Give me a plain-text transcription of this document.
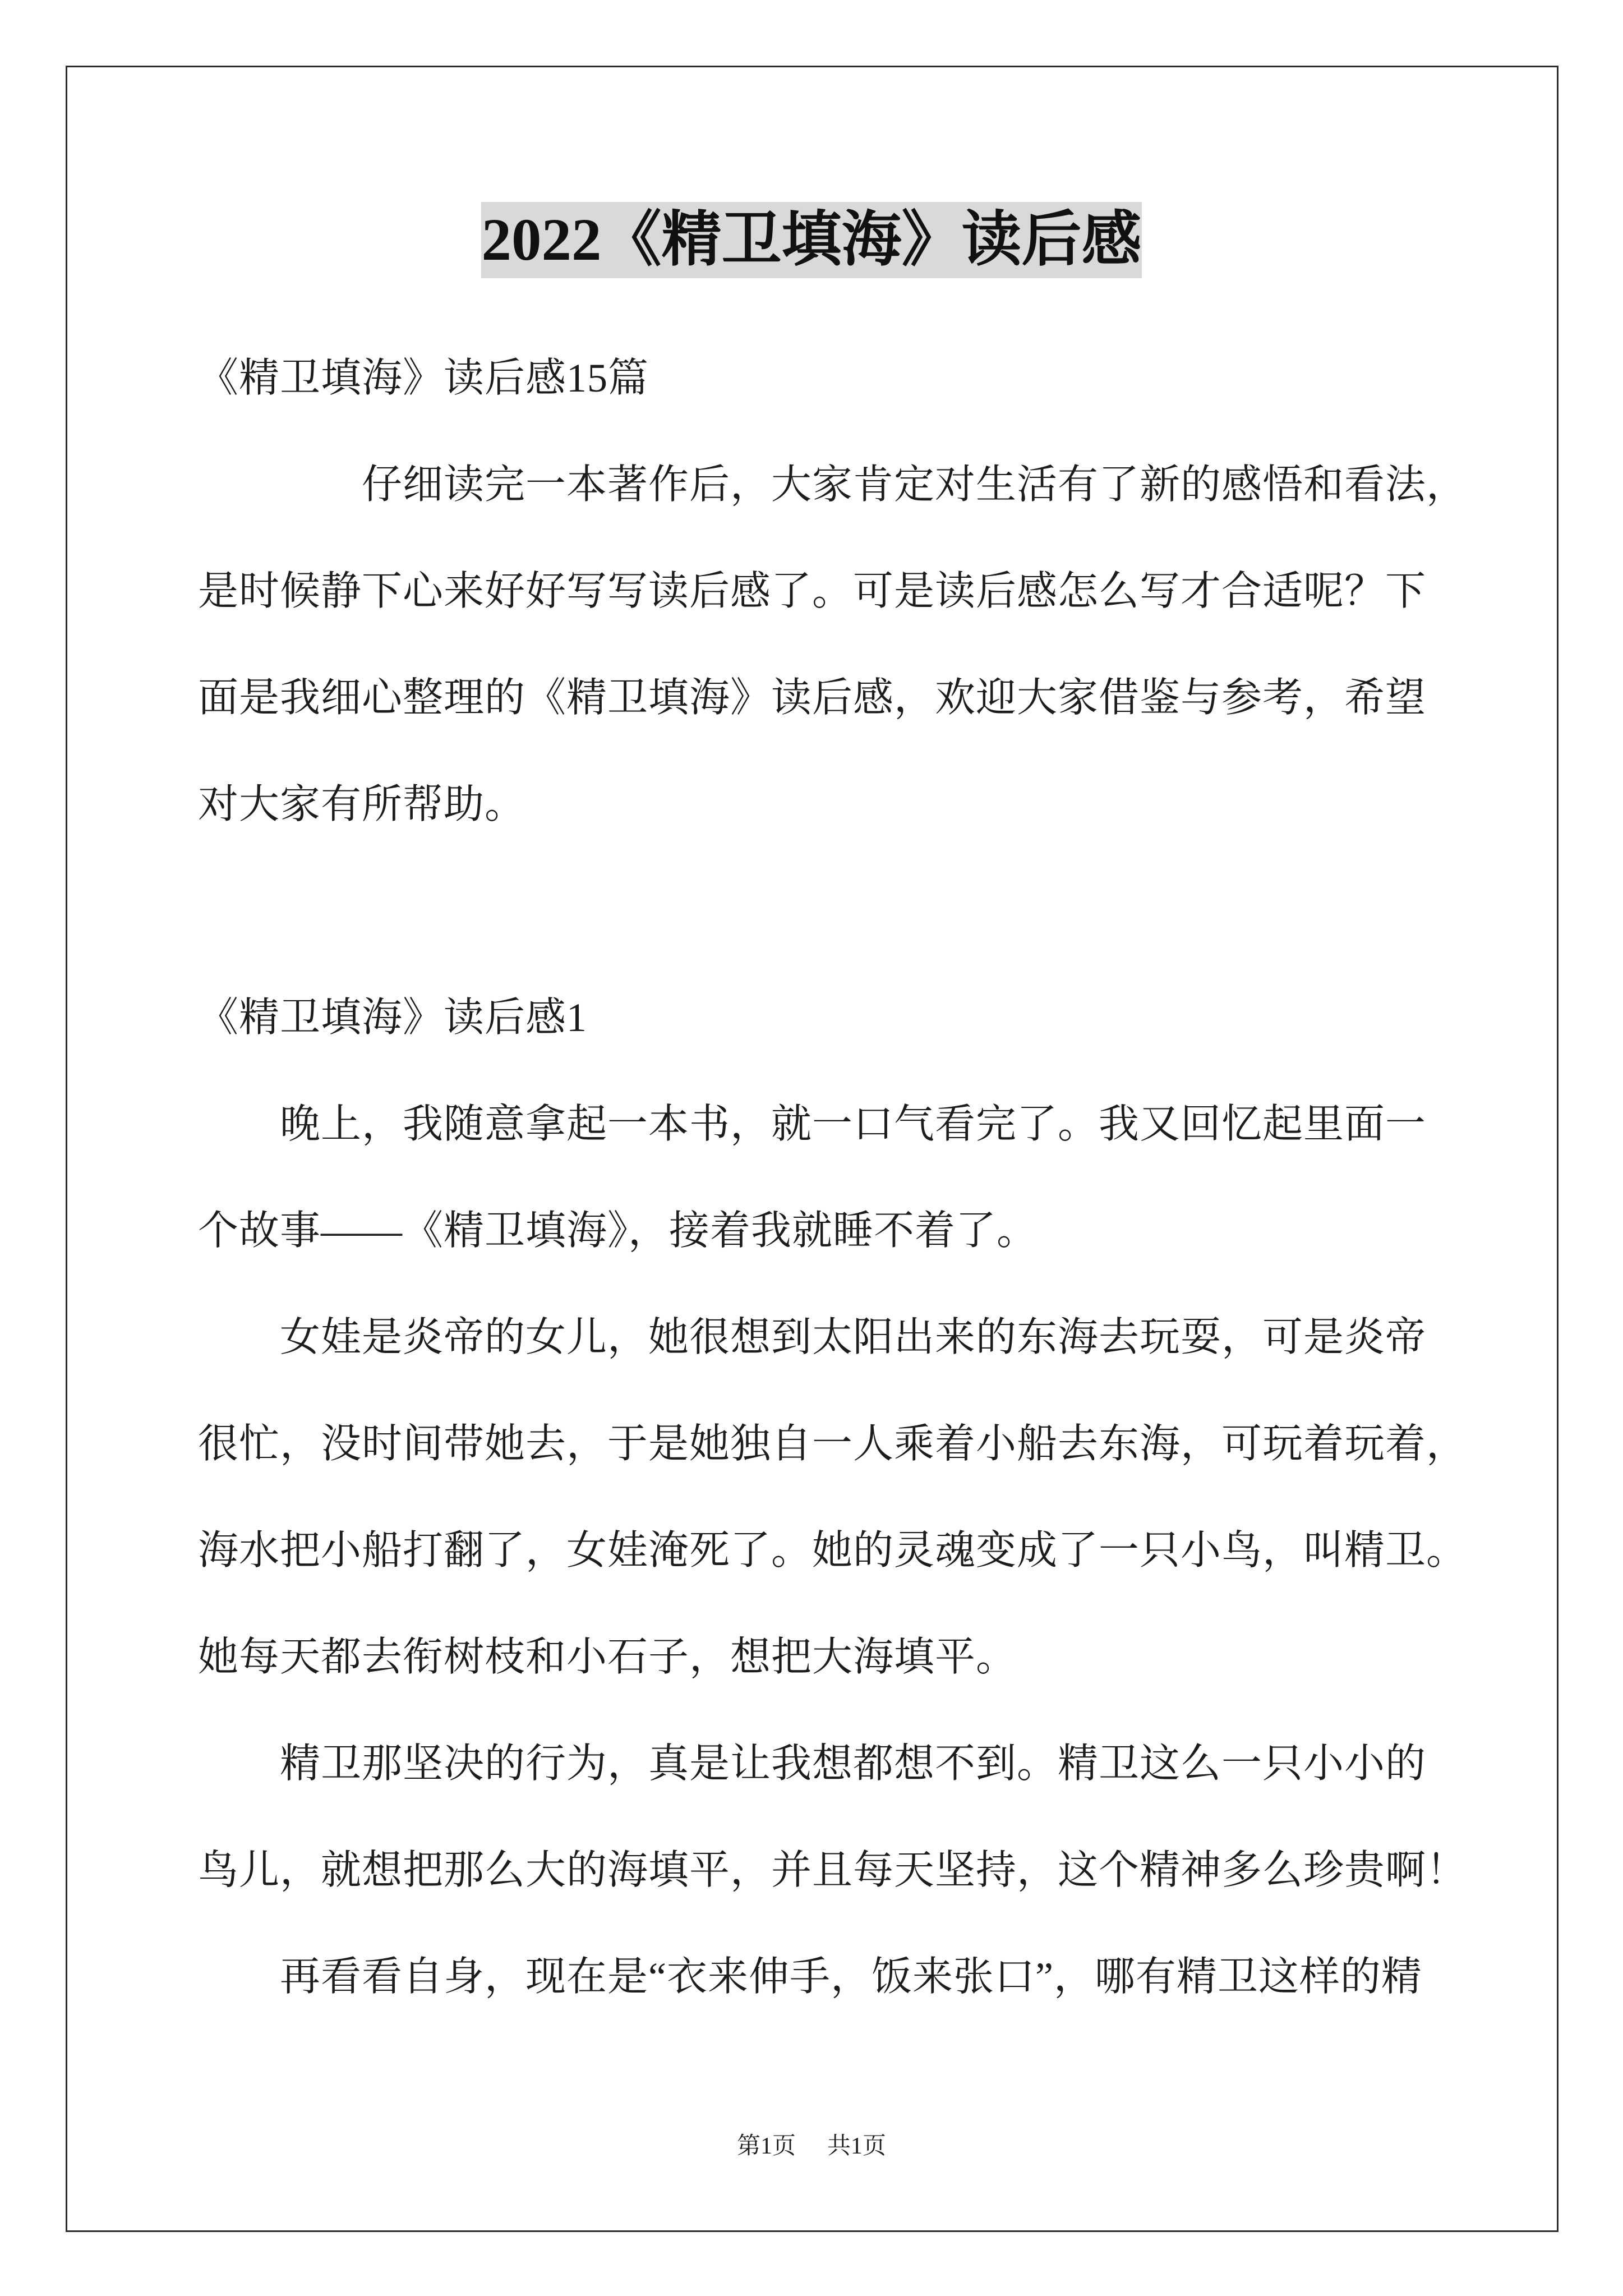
2022《精卫填海》读后感
《精卫填海》读后感15篇
仔细读完一本著作后，大家肯定对生活有了新的感悟和看法，
是时候静下心来好好写写读后感了。可是读后感怎么写才合适呢？下
面是我细心整理的《精卫填海》读后感，欢迎大家借鉴与参考，希望
对大家有所帮助。
《精卫填海》读后感1
晚上，我随意拿起一本书，就一口气看完了。我又回忆起里面一
个故事——《精卫填海》，接着我就睡不着了。
女娃是炎帝的女儿，她很想到太阳出来的东海去玩耍，可是炎帝
很忙，没时间带她去，于是她独自一人乘着小船去东海，可玩着玩着，
海水把小船打翻了，女娃淹死了。她的灵魂变成了一只小鸟，叫精卫。
她每天都去衔树枝和小石子，想把大海填平。
精卫那坚决的行为，真是让我想都想不到。精卫这么一只小小的
鸟儿，就想把那么大的海填平，并且每天坚持，这个精神多么珍贵啊！
再看看自身，现在是“衣来伸手，饭来张口”，哪有精卫这样的精
第1页 共1页
